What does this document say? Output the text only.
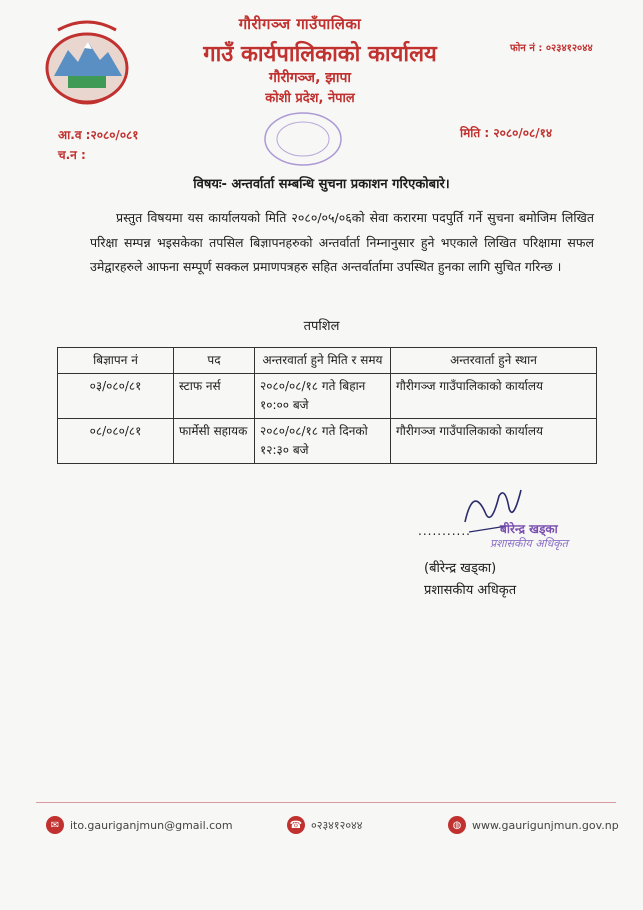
गौरीगञ्ज गाउँपालिका
गाउँ कार्यपालिकाको कार्यालय
गौरीगञ्ज, झापा
कोशी प्रदेश, नेपाल
फोन नं : ०२३४१२०४४
आ.व :२०८०/०८१
च.न :
मिति : २०८०/०८/१४
विषयः- अन्तर्वार्ता सम्बन्धि सुचना प्रकाशन गरिएकोबारे।
प्रस्तुत विषयमा यस कार्यालयको मिति २०८०/०५/०६को सेवा करारमा पदपुर्ति गर्ने सुचना बमोजिम लिखित परिक्षा सम्पन्न भइसकेका तपसिल बिज्ञापनहरुको अन्तर्वार्ता निम्नानुसार हुने भएकाले लिखित परिक्षामा सफल उमेद्वारहरुले आफना सम्पूर्ण सक्कल प्रमाणपत्रहरु सहित अन्तर्वार्तामा उपस्थित हुनका लागि सुचित गरिन्छ ।
तपशिल
बिज्ञापन नं	पद	अन्तरवार्ता हुने मिति र समय	अन्तरवार्ता हुने स्थान
०३/०८०/८१	स्टाफ नर्स	२०८०/०८/१८ गते बिहान १०:०० बजे	गौरीगञ्ज गाउँपालिकाको कार्यालय
०८/०८०/८१	फार्मेसी सहायक	२०८०/०८/१८ गते दिनको १२:३० बजे	गौरीगञ्ज गाउँपालिकाको कार्यालय
........... बीरेन्द्र खड्का
प्रशासकीय अधिकृत
(बीरेन्द्र खड्का)
प्रशासकीय अधिकृत
✉ ito.gauriganjmun@gmail.com	☎ ०२३४१२०४४	◍ www.gaurigunjmun.gov.np
